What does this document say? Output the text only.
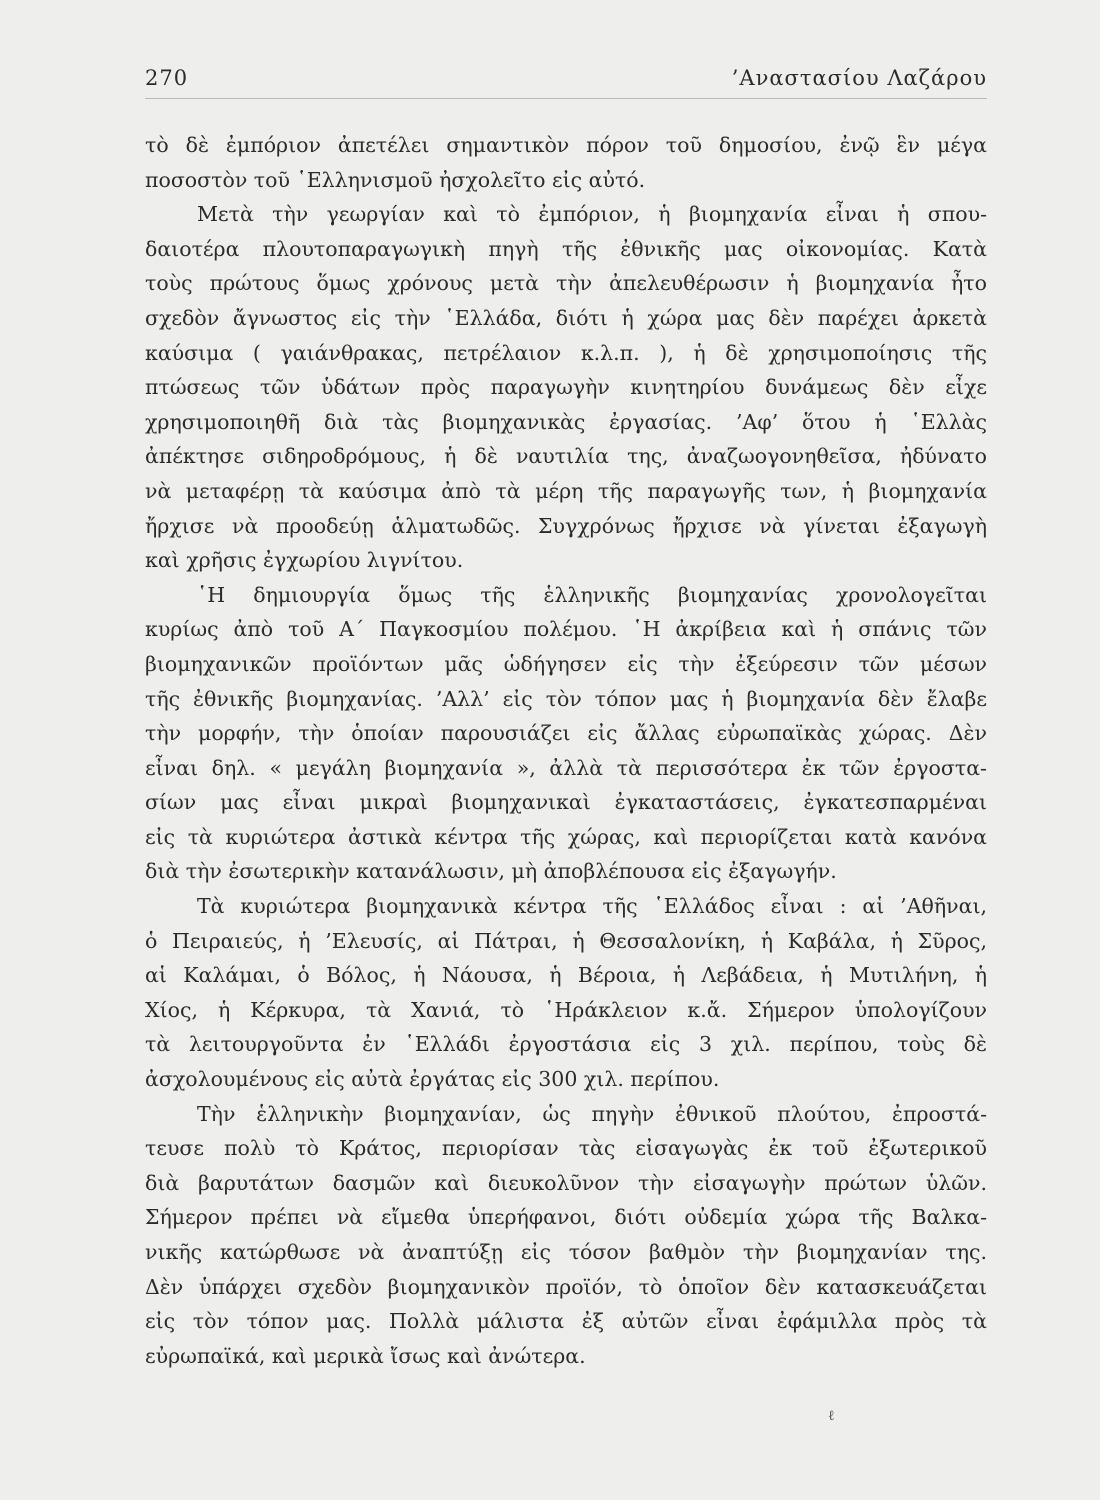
270	’Αναστασίου Λαζάρου
τὸ δὲ ἐμπόριον ἀπετέλει σημαντικὸν πόρον τοῦ δημοσίου, ἐνῷ ἓν μέγα
ποσοστὸν τοῦ ῾Ελληνισμοῦ ἠσχολεῖτο εἰς αὐτό.
Μετὰ τὴν γεωργίαν καὶ τὸ ἐμπόριον, ἡ βιομηχανία εἶναι ἡ σπου-
δαιοτέρα πλουτοπαραγωγικὴ πηγὴ τῆς ἐθνικῆς μας οἰκονομίας. Κατὰ
τοὺς πρώτους ὅμως χρόνους μετὰ τὴν ἀπελευθέρωσιν ἡ βιομηχανία ἦτο
σχεδὸν ἄγνωστος εἰς τὴν ῾Ελλάδα, διότι ἡ χώρα μας δὲν παρέχει ἀρκετὰ
καύσιμα ( γαιάνθρακας, πετρέλαιον κ.λ.π. ), ἡ δὲ χρησιμοποίησις τῆς
πτώσεως τῶν ὑδάτων πρὸς παραγωγὴν κινητηρίου δυνάμεως δὲν εἶχε
χρησιμοποιηθῆ διὰ τὰς βιομηχανικὰς ἐργασίας. ’Αφ’ ὅτου ἡ ῾Ελλὰς
ἀπέκτησε σιδηροδρόμους, ἡ δὲ ναυτιλία της, ἀναζωογονηθεῖσα, ἠδύνατο
νὰ μεταφέρῃ τὰ καύσιμα ἀπὸ τὰ μέρη τῆς παραγωγῆς των, ἡ βιομηχανία
ἤρχισε νὰ προοδεύῃ ἁλματωδῶς. Συγχρόνως ἤρχισε νὰ γίνεται ἐξαγωγὴ
καὶ χρῆσις ἐγχωρίου λιγνίτου.
῾Η δημιουργία ὅμως τῆς ἑλληνικῆς βιομηχανίας χρονολογεῖται
κυρίως ἀπὸ τοῦ Α΄ Παγκοσμίου πολέμου. ῾Η ἀκρίβεια καὶ ἡ σπάνις τῶν
βιομηχανικῶν προϊόντων μᾶς ὡδήγησεν εἰς τὴν ἐξεύρεσιν τῶν μέσων
τῆς ἐθνικῆς βιομηχανίας. ’Αλλ’ εἰς τὸν τόπον μας ἡ βιομηχανία δὲν ἔλαβε
τὴν μορφήν, τὴν ὁποίαν παρουσιάζει εἰς ἄλλας εὐρωπαϊκὰς χώρας. Δὲν
εἶναι δηλ. « μεγάλη βιομηχανία », ἀλλὰ τὰ περισσότερα ἐκ τῶν ἐργοστα-
σίων μας εἶναι μικραὶ βιομηχανικαὶ ἐγκαταστάσεις, ἐγκατεσπαρμέναι
εἰς τὰ κυριώτερα ἀστικὰ κέντρα τῆς χώρας, καὶ περιορίζεται κατὰ κανόνα
διὰ τὴν ἐσωτερικὴν κατανάλωσιν, μὴ ἀποβλέπουσα εἰς ἐξαγωγήν.
Τὰ κυριώτερα βιομηχανικὰ κέντρα τῆς ῾Ελλάδος εἶναι : αἱ ’Αθῆναι,
ὁ Πειραιεύς, ἡ ’Ελευσίς, αἱ Πάτραι, ἡ Θεσσαλονίκη, ἡ Καβάλα, ἡ Σῦρος,
αἱ Καλάμαι, ὁ Βόλος, ἡ Νάουσα, ἡ Βέροια, ἡ Λεβάδεια, ἡ Μυτιλήνη, ἡ
Χίος, ἡ Κέρκυρα, τὰ Χανιά, τὸ ῾Ηράκλειον κ.ἄ. Σήμερον ὑπολογίζουν
τὰ λειτουργοῦντα ἐν ῾Ελλάδι ἐργοστάσια εἰς 3 χιλ. περίπου, τοὺς δὲ
ἀσχολουμένους εἰς αὐτὰ ἐργάτας εἰς 300 χιλ. περίπου.
Τὴν ἑλληνικὴν βιομηχανίαν, ὡς πηγὴν ἐθνικοῦ πλούτου, ἐπροστά-
τευσε πολὺ τὸ Κράτος, περιορίσαν τὰς εἰσαγωγὰς ἐκ τοῦ ἐξωτερικοῦ
διὰ βαρυτάτων δασμῶν καὶ διευκολῦνον τὴν εἰσαγωγὴν πρώτων ὑλῶν.
Σήμερον πρέπει νὰ εἴμεθα ὑπερήφανοι, διότι οὐδεμία χώρα τῆς Βαλκα-
νικῆς κατώρθωσε νὰ ἀναπτύξῃ εἰς τόσον βαθμὸν τὴν βιομηχανίαν της.
Δὲν ὑπάρχει σχεδὸν βιομηχανικὸν προϊόν, τὸ ὁποῖον δὲν κατασκευάζεται
εἰς τὸν τόπον μας. Πολλὰ μάλιστα ἐξ αὐτῶν εἶναι ἐφάμιλλα πρὸς τὰ
εὐρωπαϊκά, καὶ μερικὰ ἴσως καὶ ἀνώτερα.
ℓ
